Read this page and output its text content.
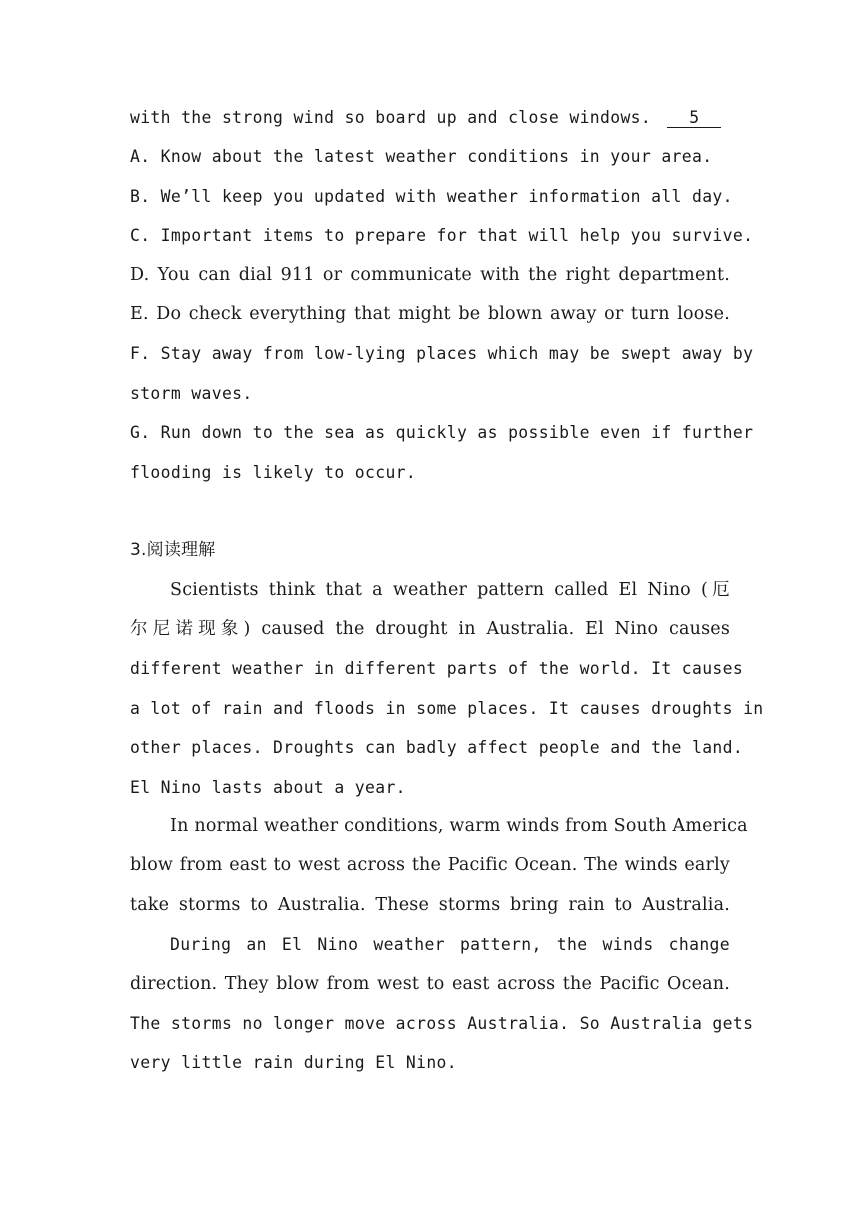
with the strong wind so board up and close windows. 5
A. Know about the latest weather conditions in your area.
B. We’ll keep you updated with weather information all day.
C. Important items to prepare for that will help you survive.
D. You can dial 911 or communicate with the right department.
E. Do check everything that might be blown away or turn loose.
F. Stay away from low-lying places which may be swept away by
storm waves.
G. Run down to the sea as quickly as possible even if further
flooding is likely to occur.
3.阅读理解
Scientists think that a weather pattern called El Nino (厄
尔尼诺现象) caused the drought in Australia. El Nino causes
different weather in different parts of the world. It causes
a lot of rain and floods in some places. It causes droughts in
other places. Droughts can badly affect people and the land.
El Nino lasts about a year.
In normal weather conditions, warm winds from South America
blow from east to west across the Pacific Ocean. The winds early
take storms to Australia. These storms bring rain to Australia.
During an El Nino weather pattern, the winds change
direction. They blow from west to east across the Pacific Ocean.
The storms no longer move across Australia. So Australia gets
very little rain during El Nino.
